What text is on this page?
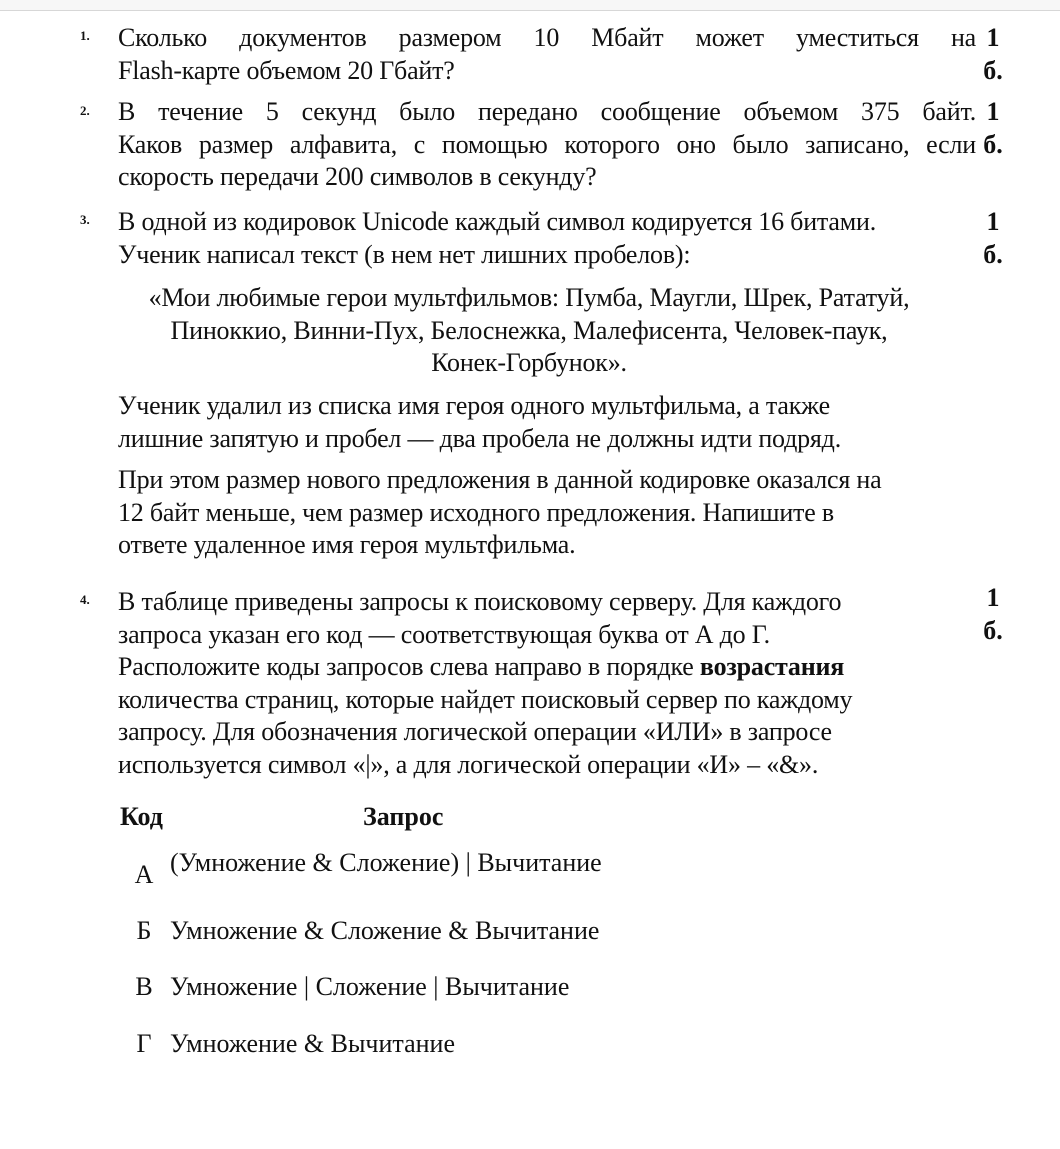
1. Сколько документов размером 10 Мбайт может уместиться на
Flash-карте объемом 20 Гбайт?
1
б.
2. В течение 5 секунд было передано сообщение объемом 375 байт.
Каков размер алфавита, с помощью которого оно было записано, если
скорость передачи 200 символов в секунду?
1
б.
3. В одной из кодировок Unicode каждый символ кодируется 16 битами.
Ученик написал текст (в нем нет лишних пробелов):
1
б.
«Мои любимые герои мультфильмов: Пумба, Маугли, Шрек, Рататуй,
Пиноккио, Винни-Пух, Белоснежка, Малефисента, Человек-паук,
Конек-Горбунок».
Ученик удалил из списка имя героя одного мультфильма, а также
лишние запятую и пробел — два пробела не должны идти подряд.
При этом размер нового предложения в данной кодировке оказался на
12 байт меньше, чем размер исходного предложения. Напишите в
ответе удаленное имя героя мультфильма.
4. В таблице приведены запросы к поисковому серверу. Для каждого
запроса указан его код — соответствующая буква от А до Г.
Расположите коды запросов слева направо в порядке возрастания
количества страниц, которые найдет поисковый сервер по каждому
запросу. Для обозначения логической операции «ИЛИ» в запросе
используется символ «|», а для логической операции «И» – «&».
1
б.
Код	Запрос
А (Умножение & Сложение) | Вычитание
Б Умножение & Сложение & Вычитание
В Умножение | Сложение | Вычитание
Г Умножение & Вычитание
